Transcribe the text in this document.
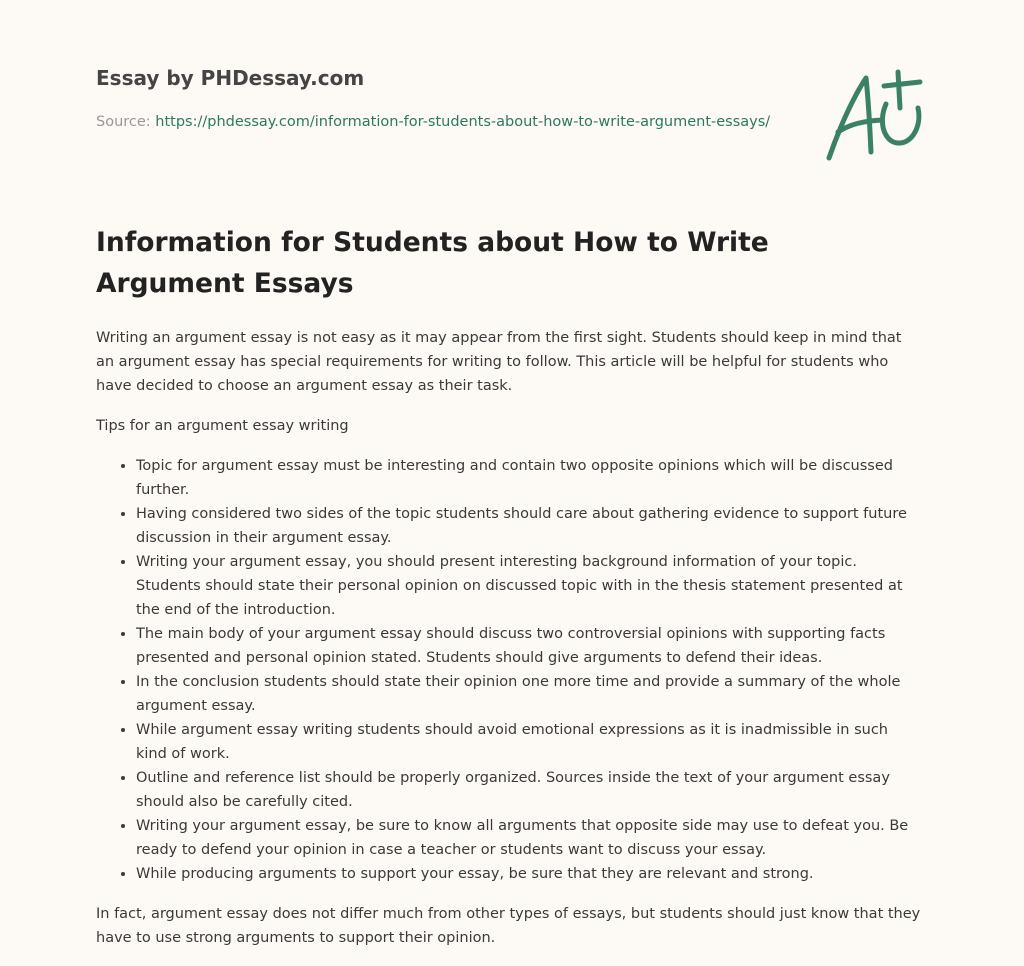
Essay by PHDessay.com
Source: https://phdessay.com/information-for-students-about-how-to-write-argument-essays/
Information for Students about How to Write Argument Essays

Writing an argument essay is not easy as it may appear from the first sight. Students should keep in mind that an argument essay has special requirements for writing to follow. This article will be helpful for students who have decided to choose an argument essay as their task.

Tips for an argument essay writing

• Topic for argument essay must be interesting and contain two opposite opinions which will be discussed further.
• Having considered two sides of the topic students should care about gathering evidence to support future discussion in their argument essay.
• Writing your argument essay, you should present interesting background information of your topic. Students should state their personal opinion on discussed topic with in the thesis statement presented at the end of the introduction.
• The main body of your argument essay should discuss two controversial opinions with supporting facts presented and personal opinion stated. Students should give arguments to defend their ideas.
• In the conclusion students should state their opinion one more time and provide a summary of the whole argument essay.
• While argument essay writing students should avoid emotional expressions as it is inadmissible in such kind of work.
• Outline and reference list should be properly organized. Sources inside the text of your argument essay should also be carefully cited.
• Writing your argument essay, be sure to know all arguments that opposite side may use to defeat you. Be ready to defend your opinion in case a teacher or students want to discuss your essay.
• While producing arguments to support your essay, be sure that they are relevant and strong.

In fact, argument essay does not differ much from other types of essays, but students should just know that they have to use strong arguments to support their opinion.
